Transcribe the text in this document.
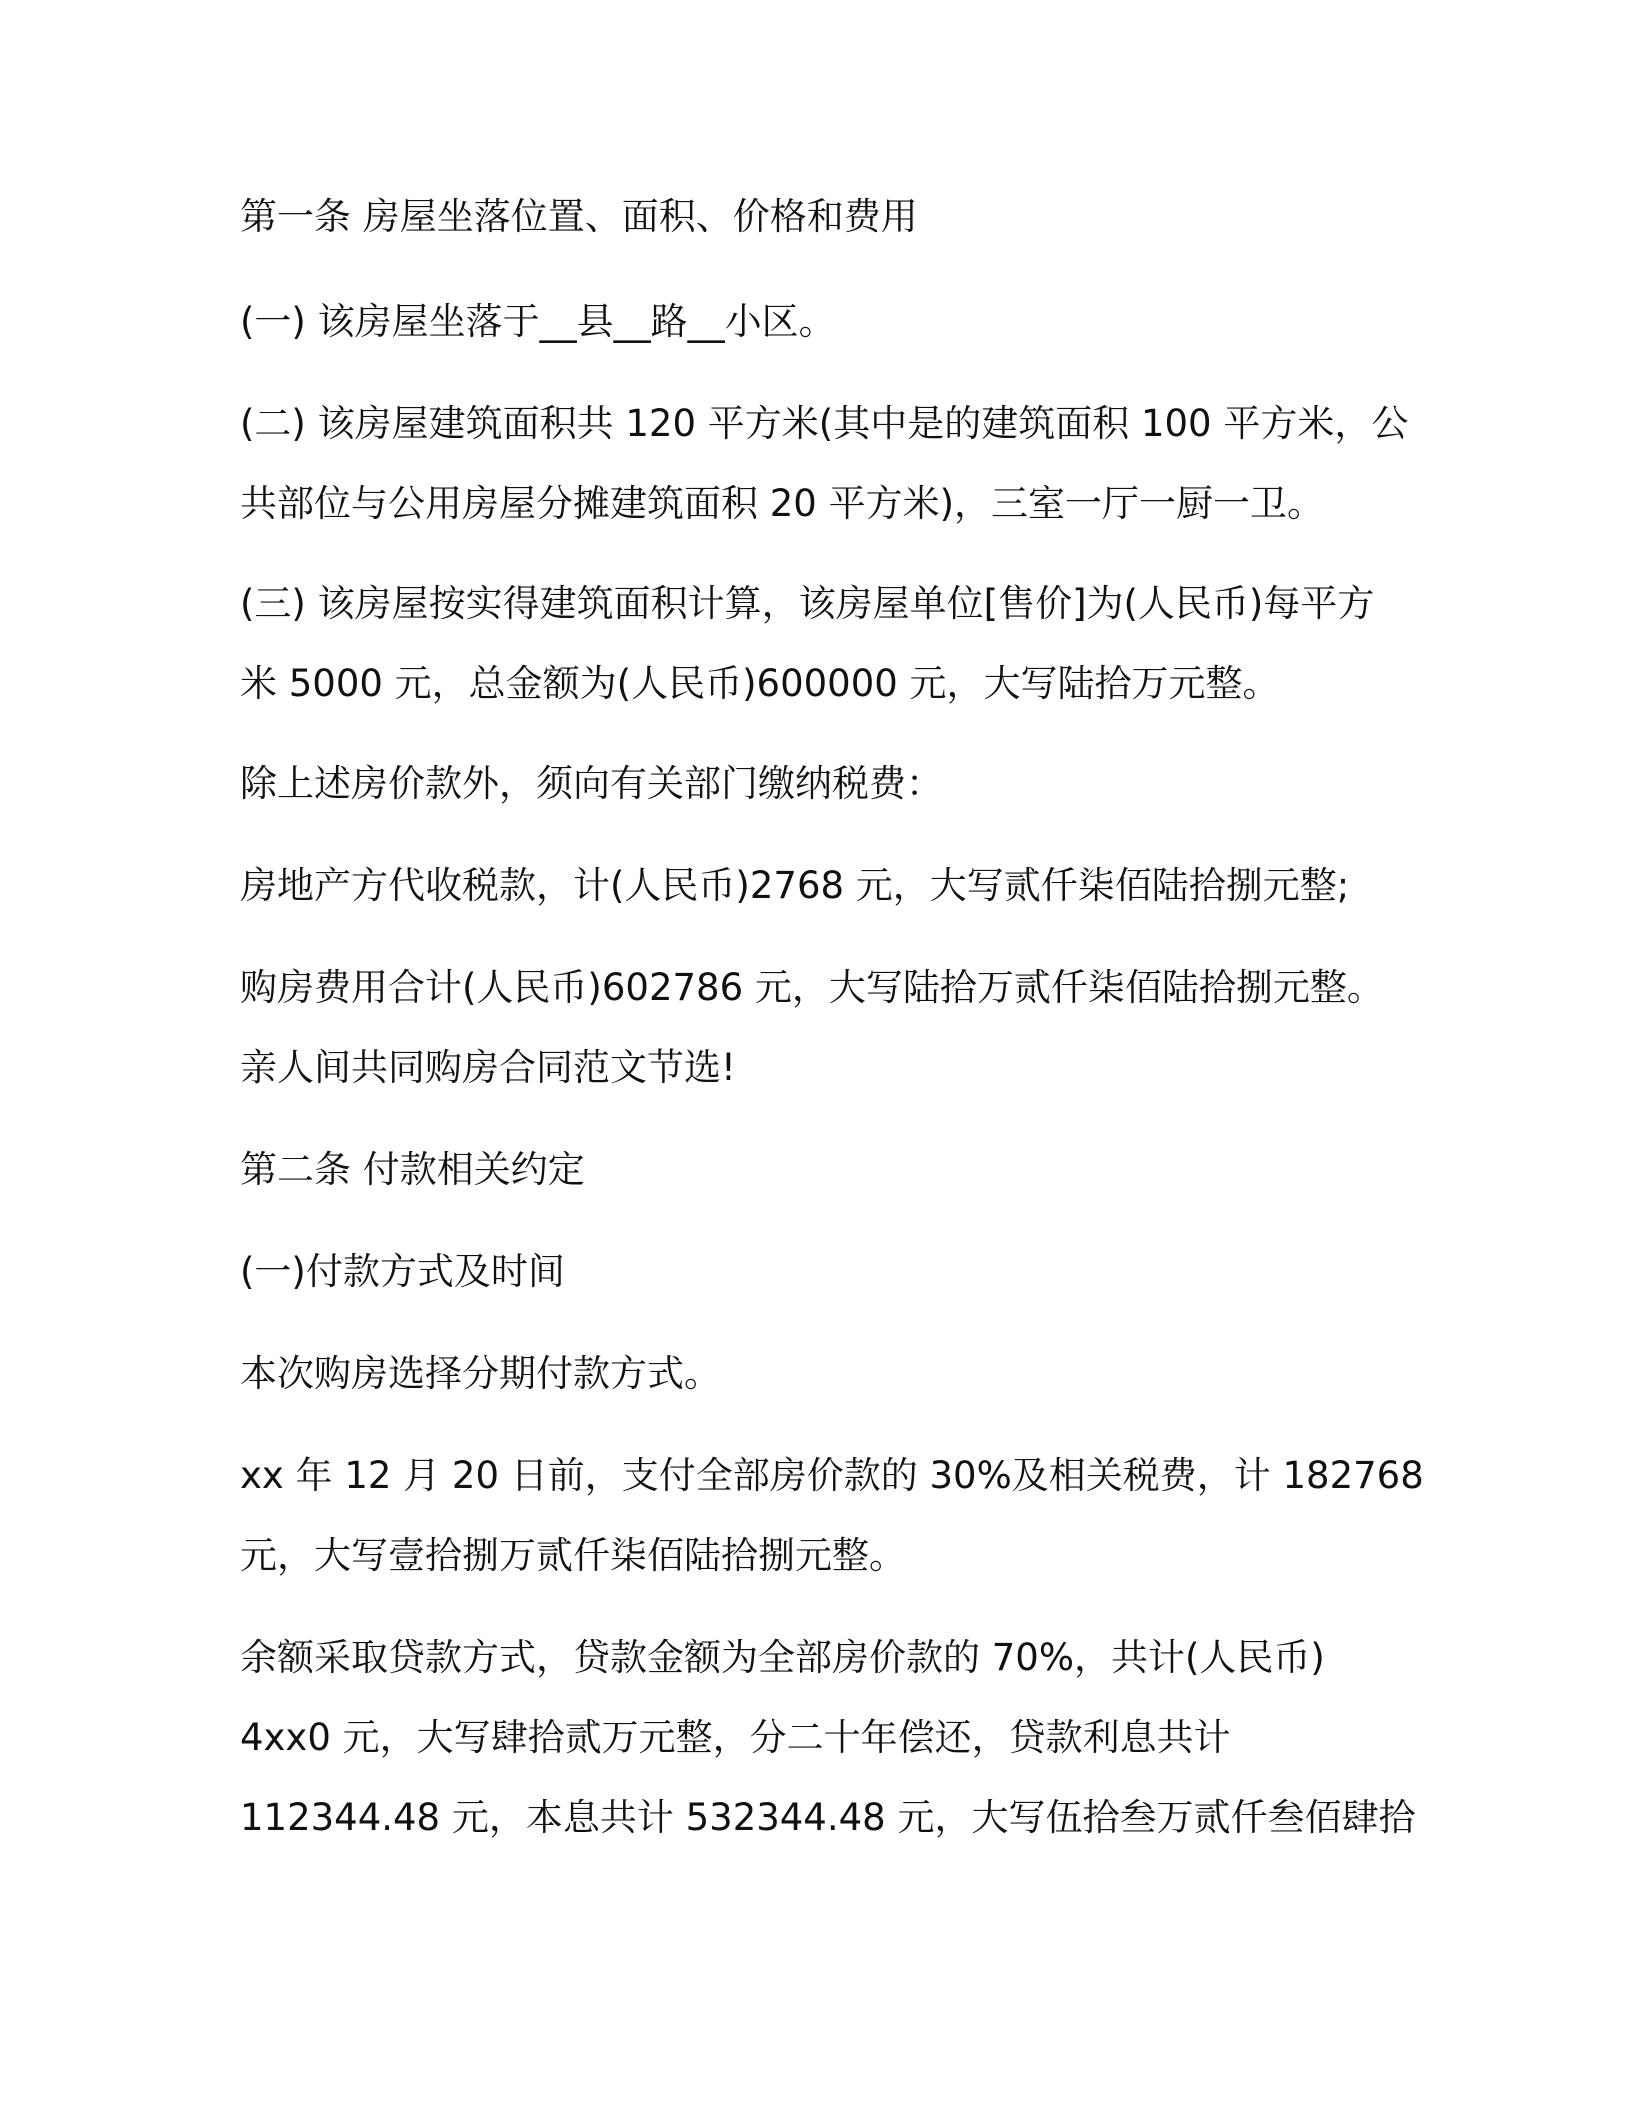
第一条 房屋坐落位置、面积、价格和费用
(一) 该房屋坐落于__县__路__小区。
(二) 该房屋建筑面积共 120 平方米(其中是的建筑面积 100 平方米，公
共部位与公用房屋分摊建筑面积 20 平方米)，三室一厅一厨一卫。
(三) 该房屋按实得建筑面积计算，该房屋单位[售价]为(人民币)每平方
米 5000 元，总金额为(人民币)600000 元，大写陆拾万元整。
除上述房价款外，须向有关部门缴纳税费：
房地产方代收税款，计(人民币)2768 元，大写贰仟柒佰陆拾捌元整;
购房费用合计(人民币)602786 元，大写陆拾万贰仟柒佰陆拾捌元整。
亲人间共同购房合同范文节选!
第二条 付款相关约定
(一)付款方式及时间
本次购房选择分期付款方式。
xx 年 12 月 20 日前，支付全部房价款的 30%及相关税费，计 182768
元，大写壹拾捌万贰仟柒佰陆拾捌元整。
余额采取贷款方式，贷款金额为全部房价款的 70%，共计(人民币)
4xx0 元，大写肆拾贰万元整，分二十年偿还，贷款利息共计
112344.48 元，本息共计 532344.48 元，大写伍拾叁万贰仟叁佰肆拾
